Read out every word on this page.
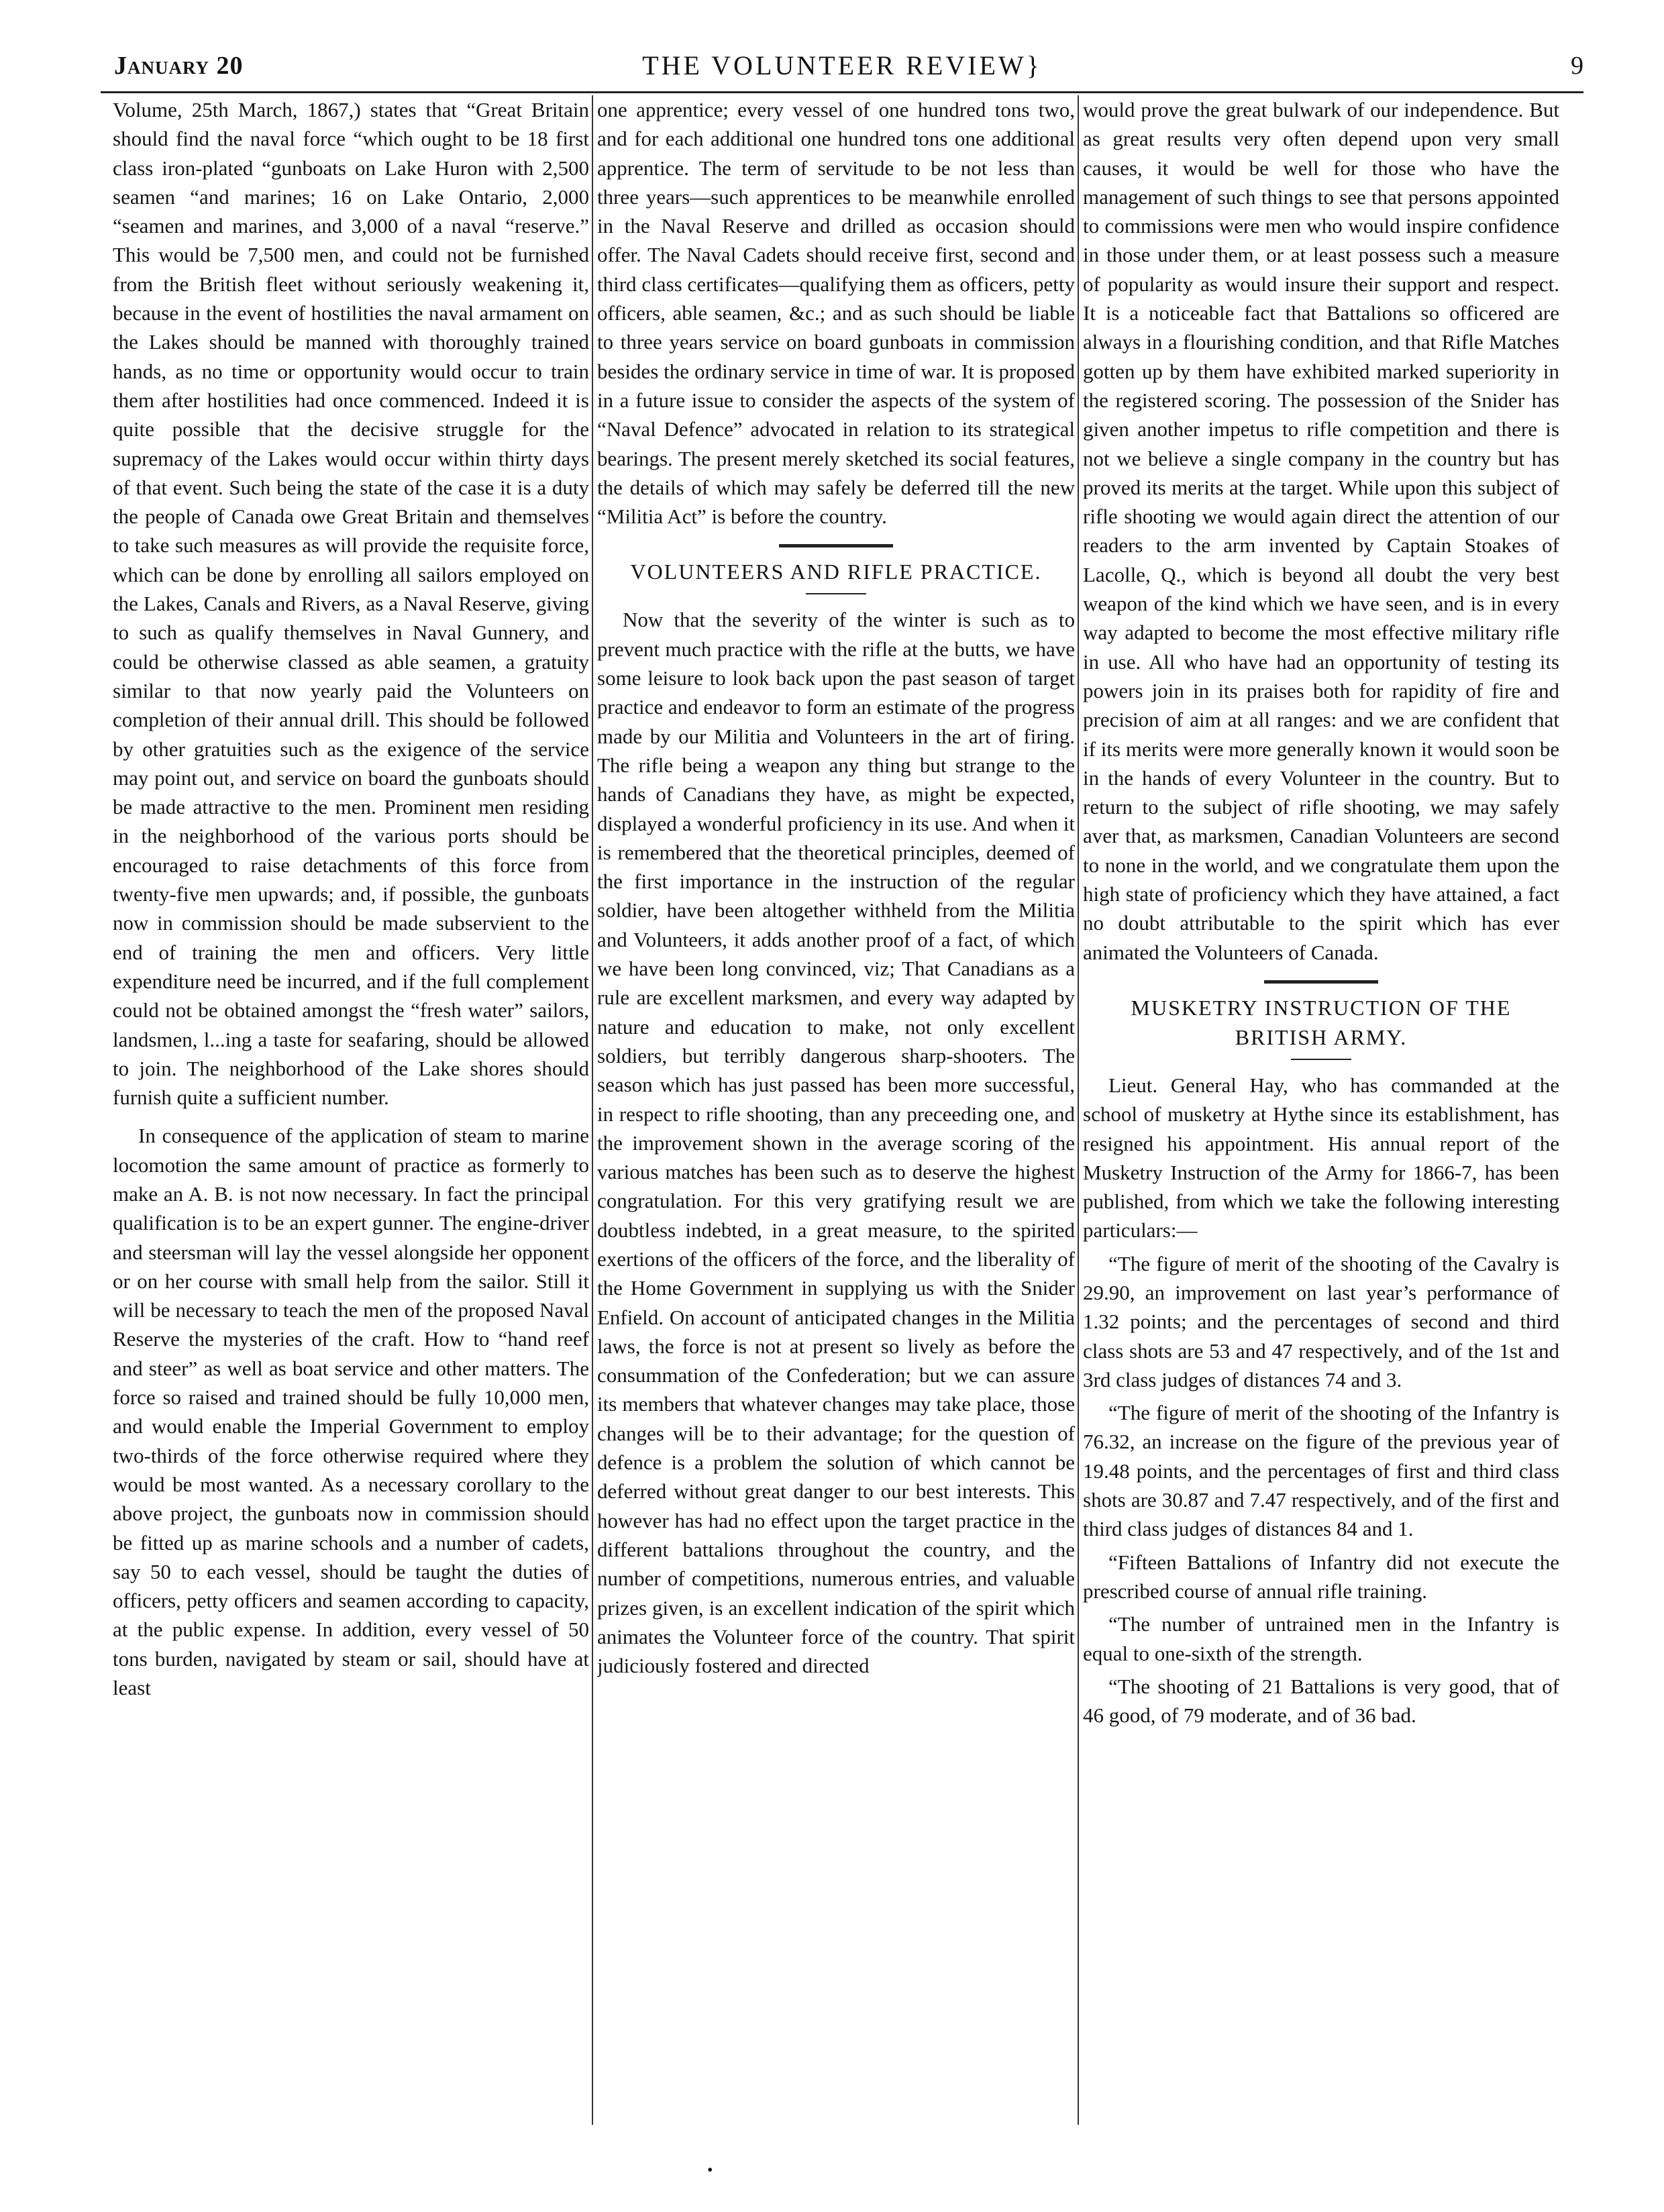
January 20	THE VOLUNTEER REVIEW}	9

Volume, 25th March, 1867,) states that “Great Britain should find the naval force “which ought to be 18 first class iron-plated “gunboats on Lake Huron with 2,500 seamen “and marines; 16 on Lake Ontario, 2,000 “seamen and marines, and 3,000 of a naval “reserve.” This would be 7,500 men, and could not be furnished from the British fleet without seriously weakening it, because in the event of hostilities the naval armament on the Lakes should be manned with thoroughly trained hands, as no time or opportunity would occur to train them after hostilities had once commenced. Indeed it is quite possible that the decisive struggle for the supremacy of the Lakes would occur within thirty days of that event. Such being the state of the case it is a duty the people of Canada owe Great Britain and themselves to take such measures as will provide the requisite force, which can be done by enrolling all sailors employed on the Lakes, Canals and Rivers, as a Naval Reserve, giving to such as qualify themselves in Naval Gunnery, and could be otherwise classed as able seamen, a gratuity similar to that now yearly paid the Volunteers on completion of their annual drill. This should be followed by other gratuities such as the exigence of the service may point out, and service on board the gunboats should be made attractive to the men. Prominent men residing in the neighborhood of the various ports should be encouraged to raise detachments of this force from twenty-five men upwards; and, if possible, the gunboats now in commission should be made subservient to the end of training the men and officers. Very little expenditure need be incurred, and if the full complement could not be obtained amongst the “fresh water” sailors, landsmen, l...ing a taste for seafaring, should be allowed to join. The neighborhood of the Lake shores should furnish quite a sufficient number.

In consequence of the application of steam to marine locomotion the same amount of practice as formerly to make an A. B. is not now necessary. In fact the principal qualification is to be an expert gunner. The engine-driver and steersman will lay the vessel alongside her opponent or on her course with small help from the sailor. Still it will be necessary to teach the men of the proposed Naval Reserve the mysteries of the craft. How to “hand reef and steer” as well as boat service and other matters. The force so raised and trained should be fully 10,000 men, and would enable the Imperial Government to employ two-thirds of the force otherwise required where they would be most wanted. As a necessary corollary to the above project, the gunboats now in commission should be fitted up as marine schools and a number of cadets, say 50 to each vessel, should be taught the duties of officers, petty officers and seamen according to capacity, at the public expense. In addition, every vessel of 50 tons burden, navigated by steam or sail, should have at least

one apprentice; every vessel of one hundred tons two, and for each additional one hundred tons one additional apprentice. The term of servitude to be not less than three years—such apprentices to be meanwhile enrolled in the Naval Reserve and drilled as occasion should offer. The Naval Cadets should receive first, second and third class certificates—qualifying them as officers, petty officers, able seamen, &c.; and as such should be liable to three years service on board gunboats in commission besides the ordinary service in time of war. It is proposed in a future issue to consider the aspects of the system of “Naval Defence” advocated in relation to its strategical bearings. The present merely sketched its social features, the details of which may safely be deferred till the new “Militia Act” is before the country.

VOLUNTEERS AND RIFLE PRACTICE.

Now that the severity of the winter is such as to prevent much practice with the rifle at the butts, we have some leisure to look back upon the past season of target practice and endeavor to form an estimate of the progress made by our Militia and Volunteers in the art of firing. The rifle being a weapon any thing but strange to the hands of Canadians they have, as might be expected, displayed a wonderful proficiency in its use. And when it is remembered that the theoretical principles, deemed of the first importance in the instruction of the regular soldier, have been altogether withheld from the Militia and Volunteers, it adds another proof of a fact, of which we have been long convinced, viz; That Canadians as a rule are excellent marksmen, and every way adapted by nature and education to make, not only excellent soldiers, but terribly dangerous sharp-shooters. The season which has just passed has been more successful, in respect to rifle shooting, than any preceeding one, and the improvement shown in the average scoring of the various matches has been such as to deserve the highest congratulation. For this very gratifying result we are doubtless indebted, in a great measure, to the spirited exertions of the officers of the force, and the liberality of the Home Government in supplying us with the Snider Enfield. On account of anticipated changes in the Militia laws, the force is not at present so lively as before the consummation of the Confederation; but we can assure its members that whatever changes may take place, those changes will be to their advantage; for the question of defence is a problem the solution of which cannot be deferred without great danger to our best interests. This however has had no effect upon the target practice in the different battalions throughout the country, and the number of competitions, numerous entries, and valuable prizes given, is an excellent indication of the spirit which animates the Volunteer force of the country. That spirit judiciously fostered and directed

would prove the great bulwark of our independence. But as great results very often depend upon very small causes, it would be well for those who have the management of such things to see that persons appointed to commissions were men who would inspire confidence in those under them, or at least possess such a measure of popularity as would insure their support and respect. It is a noticeable fact that Battalions so officered are always in a flourishing condition, and that Rifle Matches gotten up by them have exhibited marked superiority in the registered scoring. The possession of the Snider has given another impetus to rifle competition and there is not we believe a single company in the country but has proved its merits at the target. While upon this subject of rifle shooting we would again direct the attention of our readers to the arm invented by Captain Stoakes of Lacolle, Q., which is beyond all doubt the very best weapon of the kind which we have seen, and is in every way adapted to become the most effective military rifle in use. All who have had an opportunity of testing its powers join in its praises both for rapidity of fire and precision of aim at all ranges: and we are confident that if its merits were more generally known it would soon be in the hands of every Volunteer in the country. But to return to the subject of rifle shooting, we may safely aver that, as marksmen, Canadian Volunteers are second to none in the world, and we congratulate them upon the high state of proficiency which they have attained, a fact no doubt attributable to the spirit which has ever animated the Volunteers of Canada.

MUSKETRY INSTRUCTION OF THE BRITISH ARMY.

Lieut. General Hay, who has commanded at the school of musketry at Hythe since its establishment, has resigned his appointment. His annual report of the Musketry Instruction of the Army for 1866-7, has been published, from which we take the following interesting particulars:—

“The figure of merit of the shooting of the Cavalry is 29.90, an improvement on last year’s performance of 1.32 points; and the percentages of second and third class shots are 53 and 47 respectively, and of the 1st and 3rd class judges of distances 74 and 3.

“The figure of merit of the shooting of the Infantry is 76.32, an increase on the figure of the previous year of 19.48 points, and the percentages of first and third class shots are 30.87 and 7.47 respectively, and of the first and third class judges of distances 84 and 1.

“Fifteen Battalions of Infantry did not execute the prescribed course of annual rifle training.

“The number of untrained men in the Infantry is equal to one-sixth of the strength.

“The shooting of 21 Battalions is very good, that of 46 good, of 79 moderate, and of 36 bad.

•
